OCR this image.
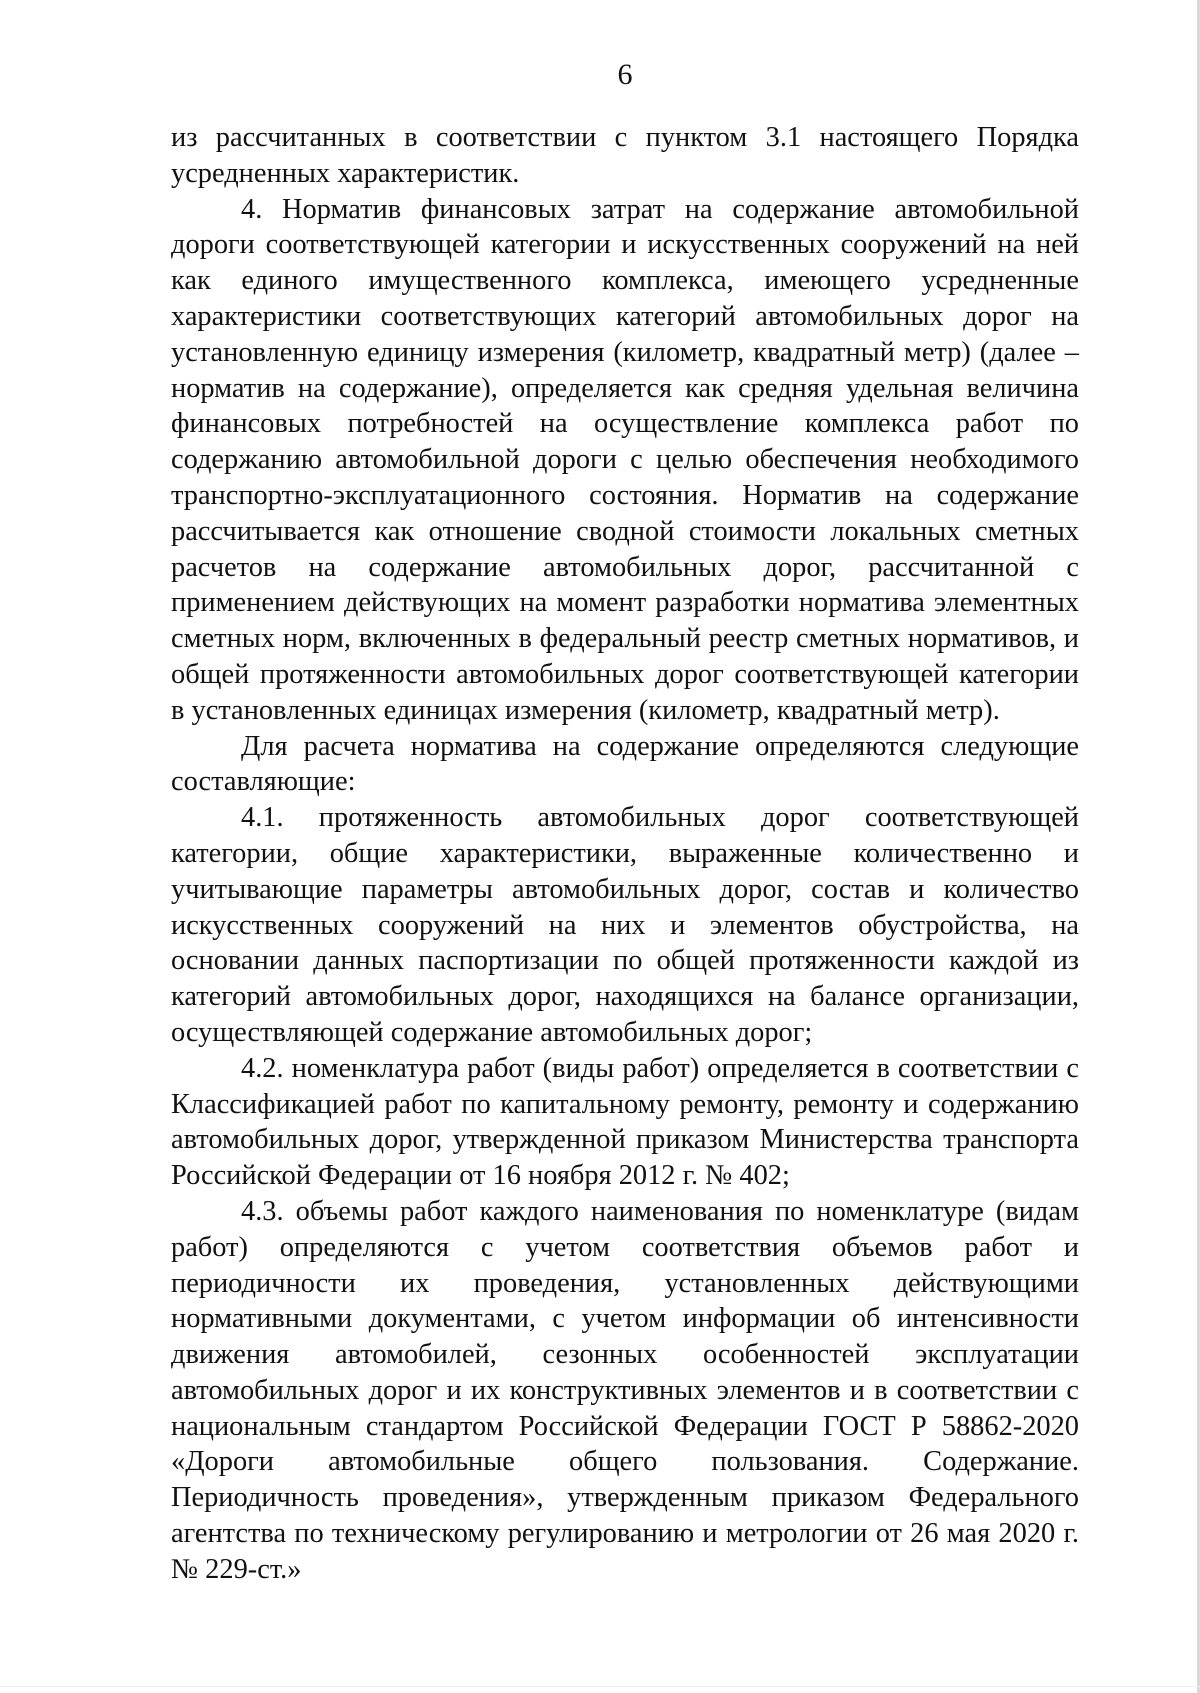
6

из рассчитанных в соответствии с пунктом 3.1 настоящего Порядка усредненных характеристик.

4. Норматив финансовых затрат на содержание автомобильной дороги соответствующей категории и искусственных сооружений на ней как единого имущественного комплекса, имеющего усредненные характеристики соответствующих категорий автомобильных дорог на установленную единицу измерения (километр, квадратный метр) (далее – норматив на содержание), определяется как средняя удельная величина финансовых потребностей на осуществление комплекса работ по содержанию автомобильной дороги с целью обеспечения необходимого транспортно-эксплуатационного состояния. Норматив на содержание рассчитывается как отношение сводной стоимости локальных сметных расчетов на содержание автомобильных дорог, рассчитанной с применением действующих на момент разработки норматива элементных сметных норм, включенных в федеральный реестр сметных нормативов, и общей протяженности автомобильных дорог соответствующей категории в установленных единицах измерения (километр, квадратный метр).

Для расчета норматива на содержание определяются следующие составляющие:

4.1. протяженность автомобильных дорог соответствующей категории, общие характеристики, выраженные количественно и учитывающие параметры автомобильных дорог, состав и количество искусственных сооружений на них и элементов обустройства, на основании данных паспортизации по общей протяженности каждой из категорий автомобильных дорог, находящихся на балансе организации, осуществляющей содержание автомобильных дорог;

4.2. номенклатура работ (виды работ) определяется в соответствии с Классификацией работ по капитальному ремонту, ремонту и содержанию автомобильных дорог, утвержденной приказом Министерства транспорта Российской Федерации от 16 ноября 2012 г. № 402;

4.3. объемы работ каждого наименования по номенклатуре (видам работ) определяются с учетом соответствия объемов работ и периодичности их проведения, установленных действующими нормативными документами, с учетом информации об интенсивности движения автомобилей, сезонных особенностей эксплуатации автомобильных дорог и их конструктивных элементов и в соответствии с национальным стандартом Российской Федерации ГОСТ Р 58862-2020 «Дороги автомобильные общего пользования. Содержание. Периодичность проведения», утвержденным приказом Федерального агентства по техническому регулированию и метрологии от 26 мая 2020 г. № 229-ст.»
